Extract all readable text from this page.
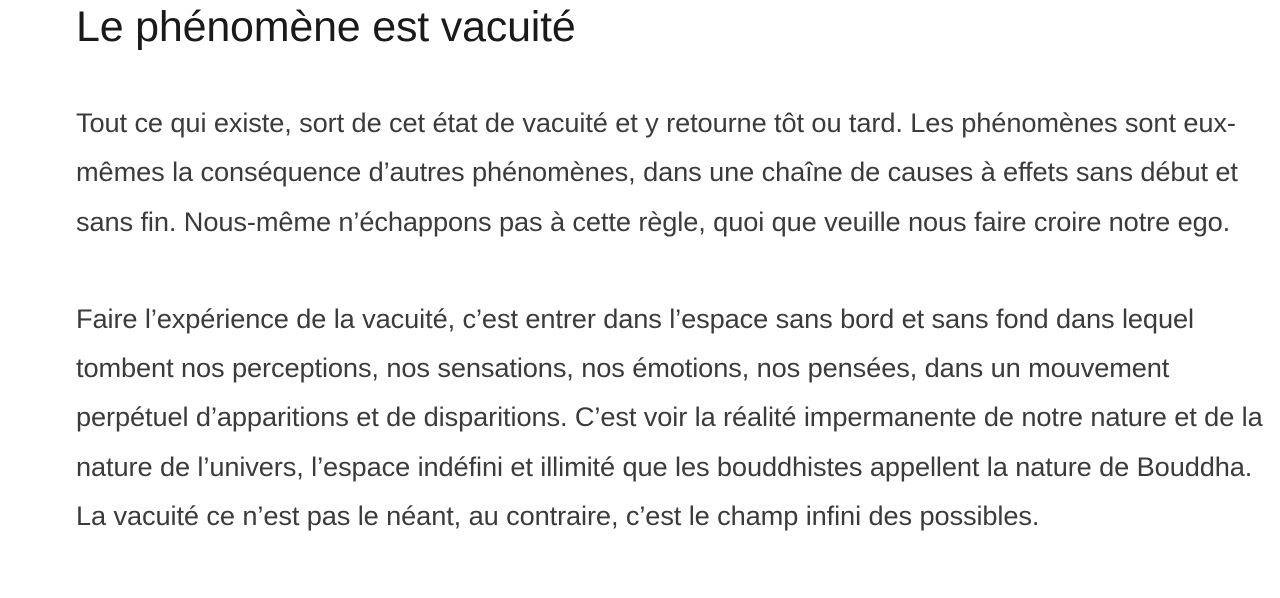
Le phénomène est vacuité

Tout ce qui existe, sort de cet état de vacuité et y retourne tôt ou tard. Les phénomènes sont eux-mêmes la conséquence d’autres phénomènes, dans une chaîne de causes à effets sans début et sans fin. Nous-même n’échappons pas à cette règle, quoi que veuille nous faire croire notre ego.

Faire l’expérience de la vacuité, c’est entrer dans l’espace sans bord et sans fond dans lequel tombent nos perceptions, nos sensations, nos émotions, nos pensées, dans un mouvement perpétuel d’apparitions et de disparitions. C’est voir la réalité impermanente de notre nature et de la nature de l’univers, l’espace indéfini et illimité que les bouddhistes appellent la nature de Bouddha. La vacuité ce n’est pas le néant, au contraire, c’est le champ infini des possibles.
